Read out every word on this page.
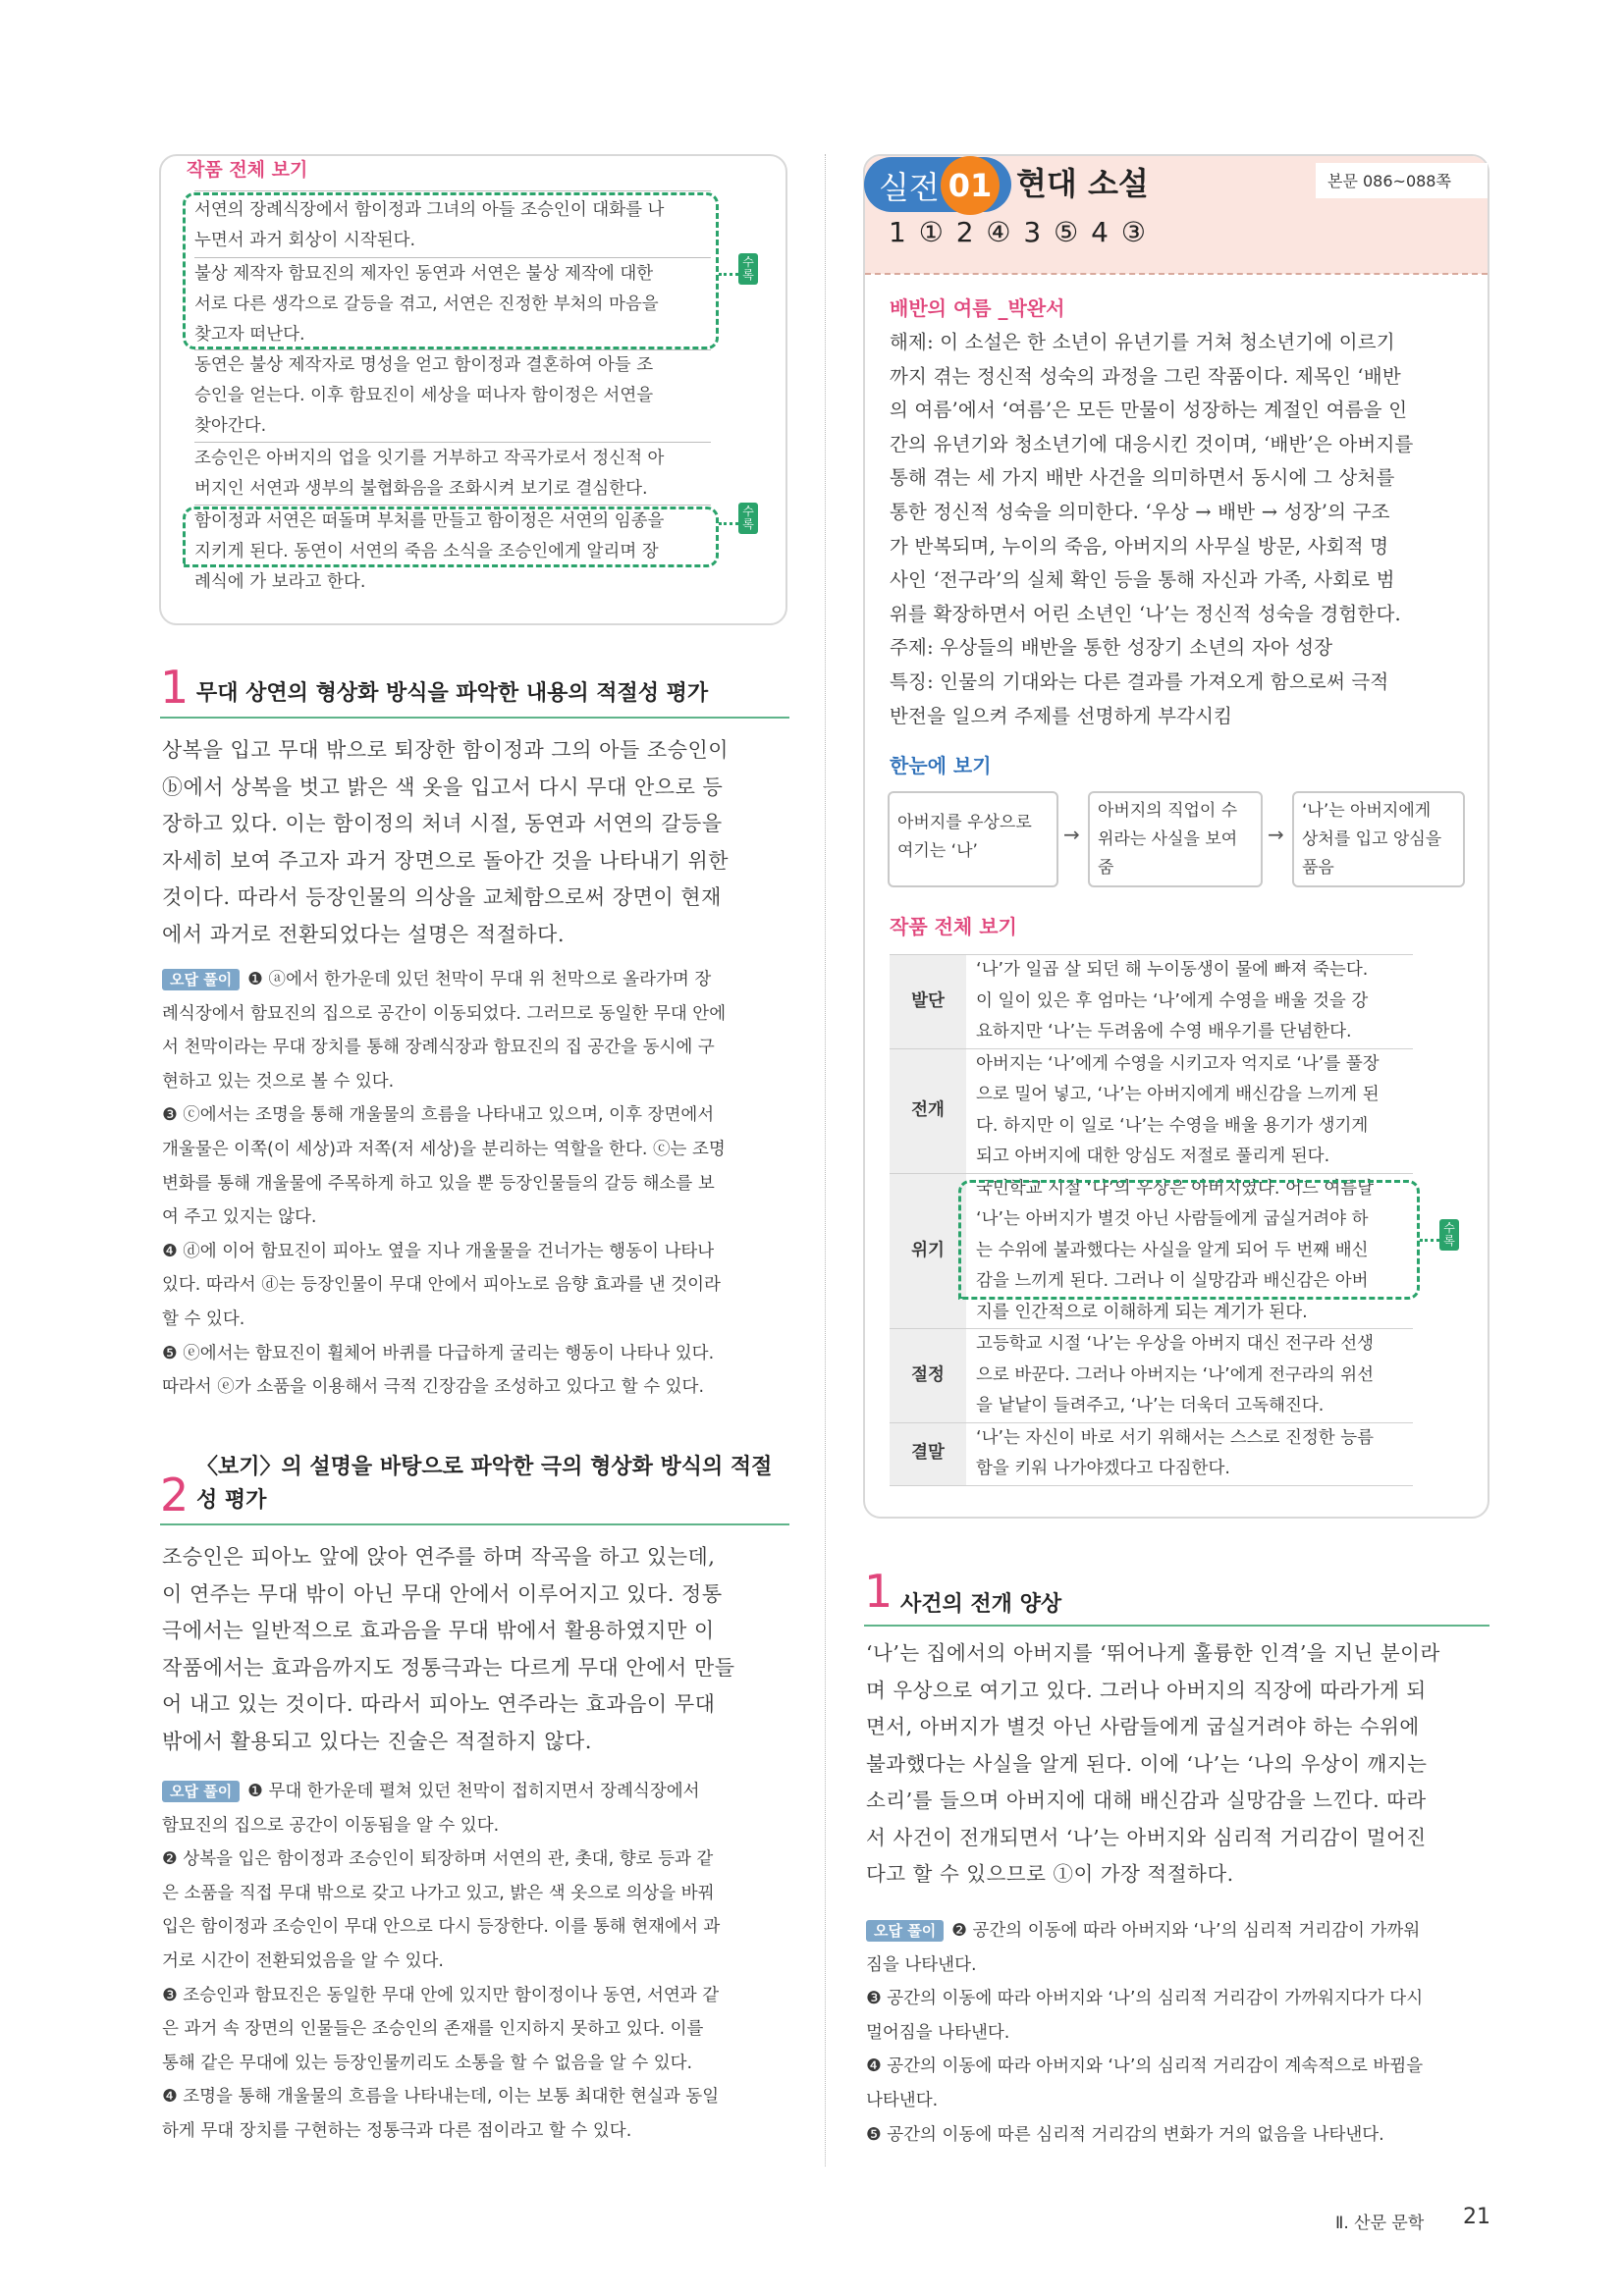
작품 전체 보기
서연의 장례식장에서 함이정과 그녀의 아들 조승인이 대화를 나
누면서 과거 회상이 시작된다.
불상 제작자 함묘진의 제자인 동연과 서연은 불상 제작에 대한
서로 다른 생각으로 갈등을 겪고, 서연은 진정한 부처의 마음을
찾고자 떠난다.
동연은 불상 제작자로 명성을 얻고 함이정과 결혼하여 아들 조
승인을 얻는다. 이후 함묘진이 세상을 떠나자 함이정은 서연을
찾아간다.
조승인은 아버지의 업을 잇기를 거부하고 작곡가로서 정신적 아
버지인 서연과 생부의 불협화음을 조화시켜 보기로 결심한다.
함이정과 서연은 떠돌며 부처를 만들고 함이정은 서연의 임종을
지키게 된다. 동연이 서연의 죽음 소식을 조승인에게 알리며 장
례식에 가 보라고 한다.
수록
수록
1 무대 상연의 형상화 방식을 파악한 내용의 적절성 평가
상복을 입고 무대 밖으로 퇴장한 함이정과 그의 아들 조승인이
ⓑ에서 상복을 벗고 밝은 색 옷을 입고서 다시 무대 안으로 등
장하고 있다. 이는 함이정의 처녀 시절, 동연과 서연의 갈등을
자세히 보여 주고자 과거 장면으로 돌아간 것을 나타내기 위한
것이다. 따라서 등장인물의 의상을 교체함으로써 장면이 현재
에서 과거로 전환되었다는 설명은 적절하다.
오답 풀이 ❶ ⓐ에서 한가운데 있던 천막이 무대 위 천막으로 올라가며 장
례식장에서 함묘진의 집으로 공간이 이동되었다. 그러므로 동일한 무대 안에
서 천막이라는 무대 장치를 통해 장례식장과 함묘진의 집 공간을 동시에 구
현하고 있는 것으로 볼 수 있다.
❸ ⓒ에서는 조명을 통해 개울물의 흐름을 나타내고 있으며, 이후 장면에서
개울물은 이쪽(이 세상)과 저쪽(저 세상)을 분리하는 역할을 한다. ⓒ는 조명
변화를 통해 개울물에 주목하게 하고 있을 뿐 등장인물들의 갈등 해소를 보
여 주고 있지는 않다.
❹ ⓓ에 이어 함묘진이 피아노 옆을 지나 개울물을 건너가는 행동이 나타나
있다. 따라서 ⓓ는 등장인물이 무대 안에서 피아노로 음향 효과를 낸 것이라
할 수 있다.
❺ ⓔ에서는 함묘진이 휠체어 바퀴를 다급하게 굴리는 행동이 나타나 있다.
따라서 ⓔ가 소품을 이용해서 극적 긴장감을 조성하고 있다고 할 수 있다.
2
〈보기〉의 설명을 바탕으로 파악한 극의 형상화 방식의 적절
성 평가
조승인은 피아노 앞에 앉아 연주를 하며 작곡을 하고 있는데,
이 연주는 무대 밖이 아닌 무대 안에서 이루어지고 있다. 정통
극에서는 일반적으로 효과음을 무대 밖에서 활용하였지만 이
작품에서는 효과음까지도 정통극과는 다르게 무대 안에서 만들
어 내고 있는 것이다. 따라서 피아노 연주라는 효과음이 무대
밖에서 활용되고 있다는 진술은 적절하지 않다.
오답 풀이 ❶ 무대 한가운데 펼쳐 있던 천막이 접히지면서 장례식장에서
함묘진의 집으로 공간이 이동됨을 알 수 있다.
❷ 상복을 입은 함이정과 조승인이 퇴장하며 서연의 관, 촛대, 향로 등과 같
은 소품을 직접 무대 밖으로 갖고 나가고 있고, 밝은 색 옷으로 의상을 바꿔
입은 함이정과 조승인이 무대 안으로 다시 등장한다. 이를 통해 현재에서 과
거로 시간이 전환되었음을 알 수 있다.
❸ 조승인과 함묘진은 동일한 무대 안에 있지만 함이정이나 동연, 서연과 같
은 과거 속 장면의 인물들은 조승인의 존재를 인지하지 못하고 있다. 이를
통해 같은 무대에 있는 등장인물끼리도 소통을 할 수 없음을 알 수 있다.
❹ 조명을 통해 개울물의 흐름을 나타내는데, 이는 보통 최대한 현실과 동일
하게 무대 장치를 구현하는 정통극과 다른 점이라고 할 수 있다.
실전 01 현대 소설	본문 086~088쪽
1 ① 2 ④ 3 ⑤ 4 ③
배반의 여름 _박완서
해제: 이 소설은 한 소년이 유년기를 거쳐 청소년기에 이르기
까지 겪는 정신적 성숙의 과정을 그린 작품이다. 제목인 ‘배반
의 여름’에서 ‘여름’은 모든 만물이 성장하는 계절인 여름을 인
간의 유년기와 청소년기에 대응시킨 것이며, ‘배반’은 아버지를
통해 겪는 세 가지 배반 사건을 의미하면서 동시에 그 상처를
통한 정신적 성숙을 의미한다. ‘우상 → 배반 → 성장’의 구조
가 반복되며, 누이의 죽음, 아버지의 사무실 방문, 사회적 명
사인 ‘전구라’의 실체 확인 등을 통해 자신과 가족, 사회로 범
위를 확장하면서 어린 소년인 ‘나’는 정신적 성숙을 경험한다.
주제: 우상들의 배반을 통한 성장기 소년의 자아 성장
특징: 인물의 기대와는 다른 결과를 가져오게 함으로써 극적
반전을 일으켜 주제를 선명하게 부각시킴
한눈에 보기
아버지를 우상으로
여기는 ‘나’
→
아버지의 직업이 수
위라는 사실을 보여
줌
→
‘나’는 아버지에게
상처를 입고 앙심을
품음
작품 전체 보기
발단	‘나’가 일곱 살 되던 해 누이동생이 물에 빠져 죽는다.
이 일이 있은 후 엄마는 ‘나’에게 수영을 배울 것을 강
요하지만 ‘나’는 두려움에 수영 배우기를 단념한다.

전개	아버지는 ‘나’에게 수영을 시키고자 억지로 ‘나’를 풀장
으로 밀어 넣고, ‘나’는 아버지에게 배신감을 느끼게 된
다. 하지만 이 일로 ‘나’는 수영을 배울 용기가 생기게
되고 아버지에 대한 앙심도 저절로 풀리게 된다.

위기	국민학교 시절 ‘나’의 우상은 아버지였다. 어느 여름날
‘나’는 아버지가 별것 아닌 사람들에게 굽실거려야 하
는 수위에 불과했다는 사실을 알게 되어 두 번째 배신
감을 느끼게 된다. 그러나 이 실망감과 배신감은 아버
지를 인간적으로 이해하게 되는 계기가 된다.

절정	고등학교 시절 ‘나’는 우상을 아버지 대신 전구라 선생
으로 바꾼다. 그러나 아버지는 ‘나’에게 전구라의 위선
을 낱낱이 들려주고, ‘나’는 더욱더 고독해진다.

결말	‘나’는 자신이 바로 서기 위해서는 스스로 진정한 능름
함을 키워 나가야겠다고 다짐한다.
수록
1 사건의 전개 양상
‘나’는 집에서의 아버지를 ‘뛰어나게 훌륭한 인격’을 지닌 분이라
며 우상으로 여기고 있다. 그러나 아버지의 직장에 따라가게 되
면서, 아버지가 별것 아닌 사람들에게 굽실거려야 하는 수위에
불과했다는 사실을 알게 된다. 이에 ‘나’는 ‘나의 우상이 깨지는
소리’를 들으며 아버지에 대해 배신감과 실망감을 느낀다. 따라
서 사건이 전개되면서 ‘나’는 아버지와 심리적 거리감이 멀어진
다고 할 수 있으므로 ①이 가장 적절하다.
오답 풀이 ❷ 공간의 이동에 따라 아버지와 ‘나’의 심리적 거리감이 가까워
짐을 나타낸다.
❸ 공간의 이동에 따라 아버지와 ‘나’의 심리적 거리감이 가까워지다가 다시
멀어짐을 나타낸다.
❹ 공간의 이동에 따라 아버지와 ‘나’의 심리적 거리감이 계속적으로 바뀜을
나타낸다.
❺ 공간의 이동에 따른 심리적 거리감의 변화가 거의 없음을 나타낸다.
Ⅱ. 산문 문학 21
